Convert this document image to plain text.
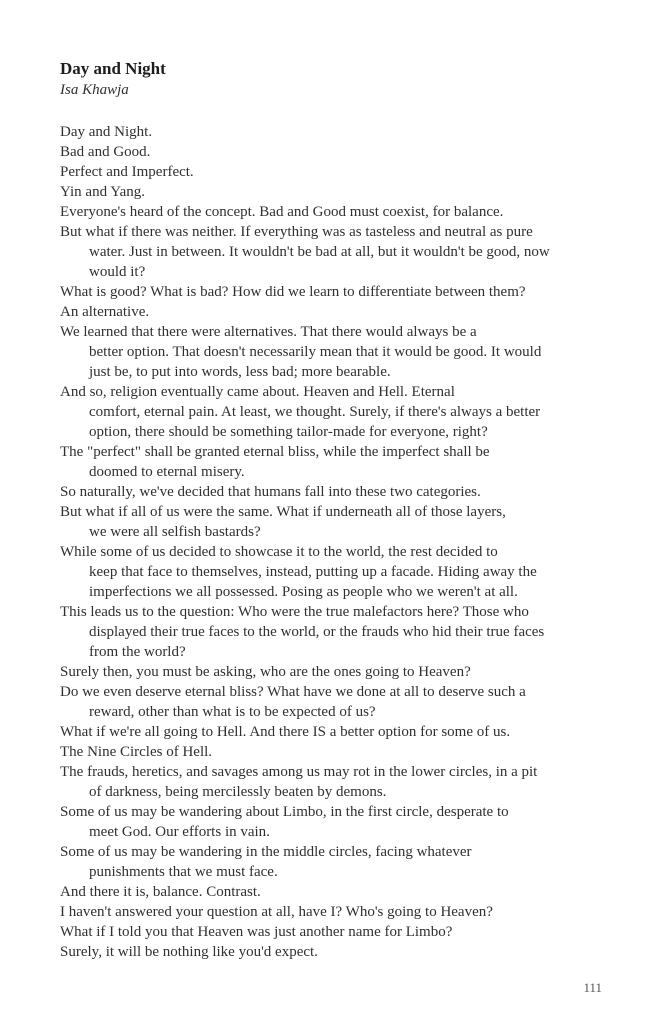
Day and Night
Isa Khawja
Day and Night.
Bad and Good.
Perfect and Imperfect.
Yin and Yang.
Everyone's heard of the concept. Bad and Good must coexist, for balance.
But what if there was neither. If everything was as tasteless and neutral as pure
water. Just in between. It wouldn't be bad at all, but it wouldn't be good, now
would it?
What is good? What is bad? How did we learn to differentiate between them?
An alternative.
We learned that there were alternatives. That there would always be a
better option. That doesn't necessarily mean that it would be good. It would
just be, to put into words, less bad; more bearable.
And so, religion eventually came about. Heaven and Hell. Eternal
comfort, eternal pain. At least, we thought. Surely, if there's always a better
option, there should be something tailor-made for everyone, right?
The "perfect" shall be granted eternal bliss, while the imperfect shall be
doomed to eternal misery.
So naturally, we've decided that humans fall into these two categories.
But what if all of us were the same. What if underneath all of those layers,
we were all selfish bastards?
While some of us decided to showcase it to the world, the rest decided to
keep that face to themselves, instead, putting up a facade. Hiding away the
imperfections we all possessed. Posing as people who we weren't at all.
This leads us to the question: Who were the true malefactors here? Those who
displayed their true faces to the world, or the frauds who hid their true faces
from the world?
Surely then, you must be asking, who are the ones going to Heaven?
Do we even deserve eternal bliss? What have we done at all to deserve such a
reward, other than what is to be expected of us?
What if we're all going to Hell. And there IS a better option for some of us.
The Nine Circles of Hell.
The frauds, heretics, and savages among us may rot in the lower circles, in a pit
of darkness, being mercilessly beaten by demons.
Some of us may be wandering about Limbo, in the first circle, desperate to
meet God. Our efforts in vain.
Some of us may be wandering in the middle circles, facing whatever
punishments that we must face.
And there it is, balance. Contrast.
I haven't answered your question at all, have I? Who's going to Heaven?
What if I told you that Heaven was just another name for Limbo?
Surely, it will be nothing like you'd expect.
111
